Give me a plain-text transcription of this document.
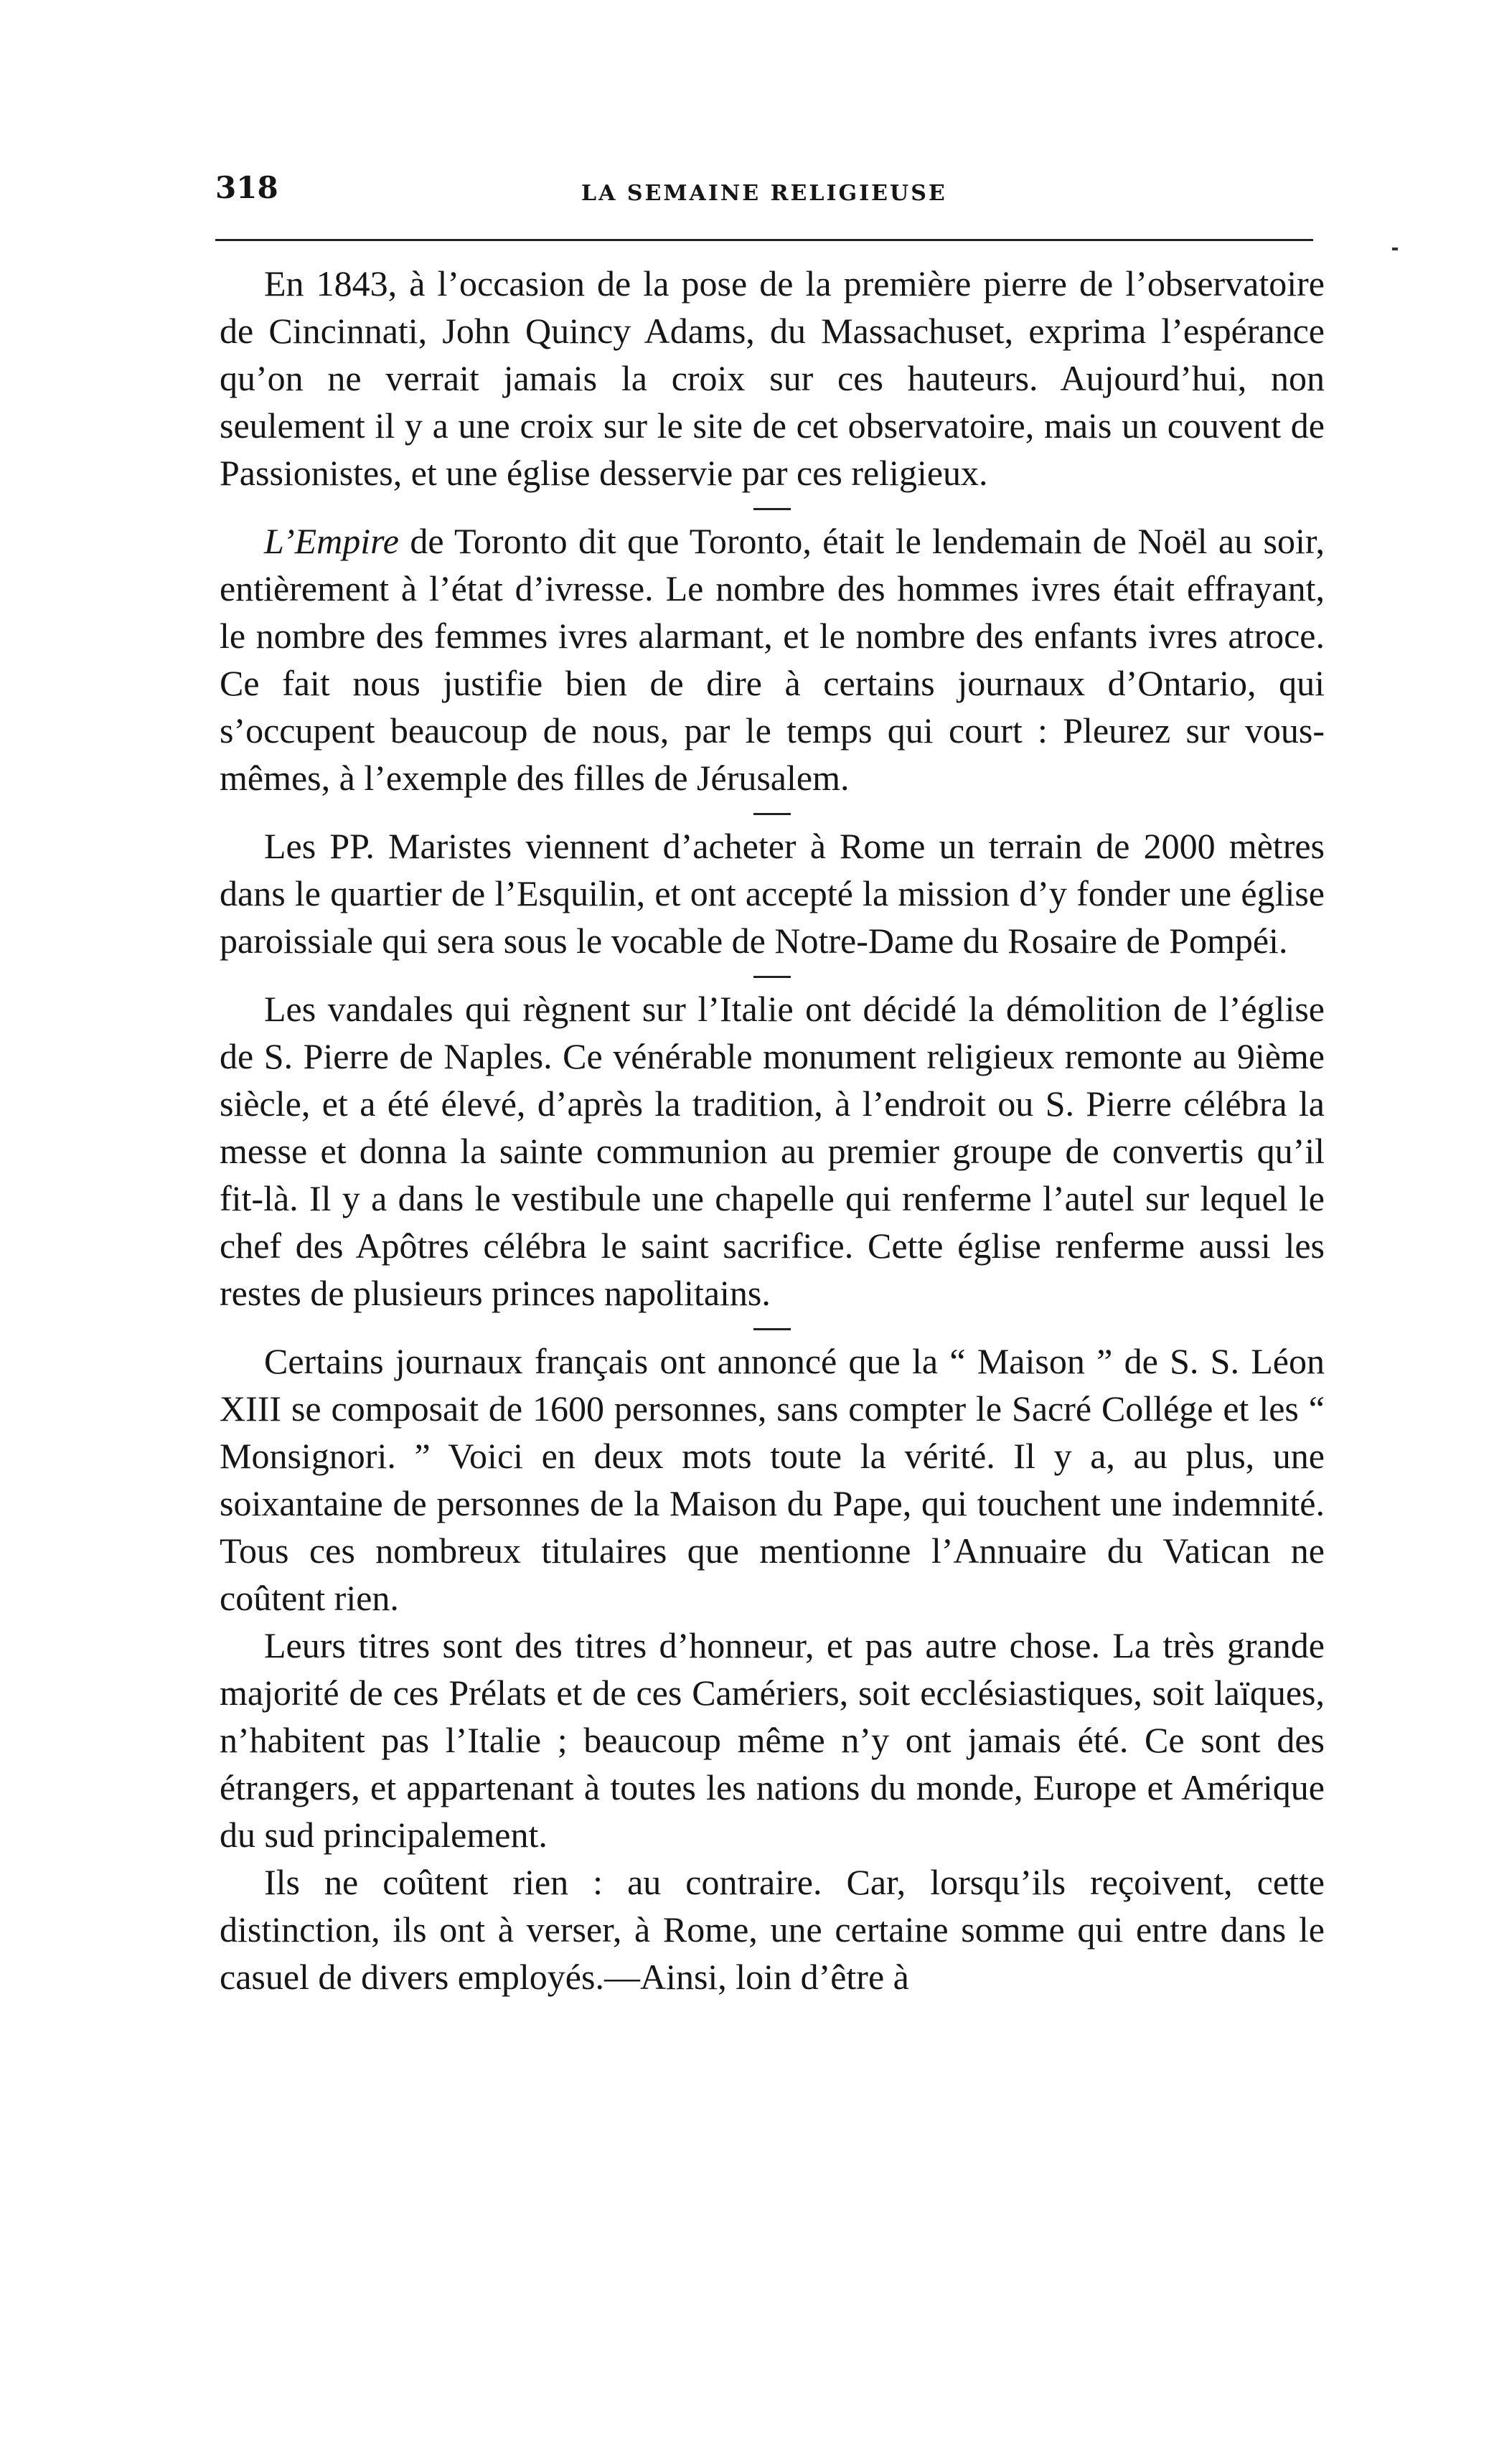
318	LA SEMAINE RELIGIEUSE

En 1843, à l’occasion de la pose de la première pierre de l’observatoire de Cincinnati, John Quincy Adams, du Massachuset, exprima l’espérance qu’on ne verrait jamais la croix sur ces hauteurs. Aujourd’hui, non seulement il y a une croix sur le site de cet observatoire, mais un couvent de Passionistes, et une église desservie par ces religieux.

L’Empire de Toronto dit que Toronto, était le lendemain de Noël au soir, entièrement à l’état d’ivresse. Le nombre des hommes ivres était effrayant, le nombre des femmes ivres alarmant, et le nombre des enfants ivres atroce. Ce fait nous justifie bien de dire à certains journaux d’Ontario, qui s’occupent beaucoup de nous, par le temps qui court : Pleurez sur vous-mêmes, à l’exemple des filles de Jérusalem.

Les PP. Maristes viennent d’acheter à Rome un terrain de 2000 mètres dans le quartier de l’Esquilin, et ont accepté la mission d’y fonder une église paroissiale qui sera sous le vocable de Notre-Dame du Rosaire de Pompéi.

Les vandales qui règnent sur l’Italie ont décidé la démolition de l’église de S. Pierre de Naples. Ce vénérable monument religieux remonte au 9ième siècle, et a été élevé, d’après la tradition, à l’endroit ou S. Pierre célébra la messe et donna la sainte communion au premier groupe de convertis qu’il fit-là. Il y a dans le vestibule une chapelle qui renferme l’autel sur lequel le chef des Apôtres célébra le saint sacrifice. Cette église renferme aussi les restes de plusieurs princes napolitains.

Certains journaux français ont annoncé que la “ Maison ” de S. S. Léon XIII se composait de 1600 personnes, sans compter le Sacré Collége et les “ Monsignori. ” Voici en deux mots toute la vérité. Il y a, au plus, une soixantaine de personnes de la Maison du Pape, qui touchent une indemnité. Tous ces nombreux titulaires que mentionne l’Annuaire du Vatican ne coûtent rien.

Leurs titres sont des titres d’honneur, et pas autre chose. La très grande majorité de ces Prélats et de ces Camériers, soit ecclésiastiques, soit laïques, n’habitent pas l’Italie ; beaucoup même n’y ont jamais été. Ce sont des étrangers, et appartenant à toutes les nations du monde, Europe et Amérique du sud principalement.

Ils ne coûtent rien : au contraire. Car, lorsqu’ils reçoivent, cette distinction, ils ont à verser, à Rome, une certaine somme qui entre dans le casuel de divers employés.—Ainsi, loin d’être à
